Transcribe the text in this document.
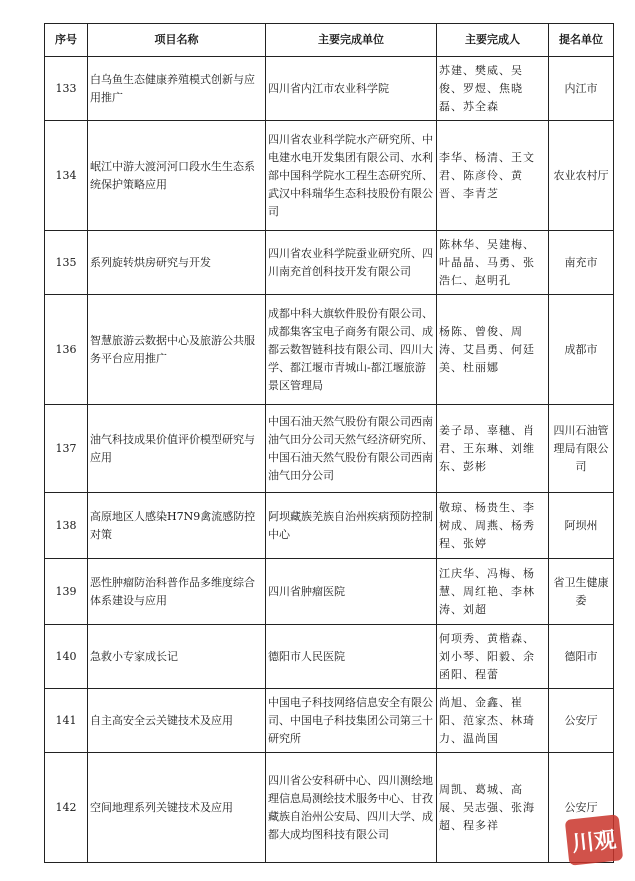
序号	项目名称	主要完成单位	主要完成人	提名单位
133	白乌鱼生态健康养殖模式创新与应用推广	四川省内江市农业科学院	苏建、樊威、吴俊、罗煜、焦晓磊、苏全森	内江市
134	岷江中游大渡河河口段水生生态系统保护策略应用	四川省农业科学院水产研究所、中电建水电开发集团有限公司、水利部中国科学院水工程生态研究所、武汉中科瑞华生态科技股份有限公司	李华、杨清、王文君、陈彦伶、黄晋、李青芝	农业农村厅
135	系列旋转烘房研究与开发	四川省农业科学院蚕业研究所、四川南充首创科技开发有限公司	陈林华、吴建梅、叶晶晶、马勇、张浩仁、赵明孔	南充市
136	智慧旅游云数据中心及旅游公共服务平台应用推广	成都中科大旗软件股份有限公司、成都集客宝电子商务有限公司、成都云数智链科技有限公司、四川大学、都江堰市青城山-都江堰旅游景区管理局	杨陈、曾俊、周涛、艾昌勇、何廷美、杜丽娜	成都市
137	油气科技成果价值评价模型研究与应用	中国石油天然气股份有限公司西南油气田分公司天然气经济研究所、中国石油天然气股份有限公司西南油气田分公司	姜子昂、辜穗、肖君、王东琳、刘维东、彭彬	四川石油管理局有限公司
138	高原地区人感染H7N9禽流感防控对策	阿坝藏族羌族自治州疾病预防控制中心	敬琼、杨贵生、李树成、周燕、杨秀程、张婷	阿坝州
139	恶性肿瘤防治科普作品多维度综合体系建设与应用	四川省肿瘤医院	江庆华、冯梅、杨慧、周红艳、李林涛、刘超	省卫生健康委
140	急救小专家成长记	德阳市人民医院	何项秀、黄楷森、刘小琴、阳毅、余函阳、程蕾	德阳市
141	自主高安全云关键技术及应用	中国电子科技网络信息安全有限公司、中国电子科技集团公司第三十研究所	尚旭、金鑫、崔阳、范家杰、林琦力、温尚国	公安厅
142	空间地理系列关键技术及应用	四川省公安科研中心、四川测绘地理信息局测绘技术服务中心、甘孜藏族自治州公安局、四川大学、成都大成均图科技有限公司	周凯、葛城、高展、吴志强、张海超、程多祥	公安厅
川观
